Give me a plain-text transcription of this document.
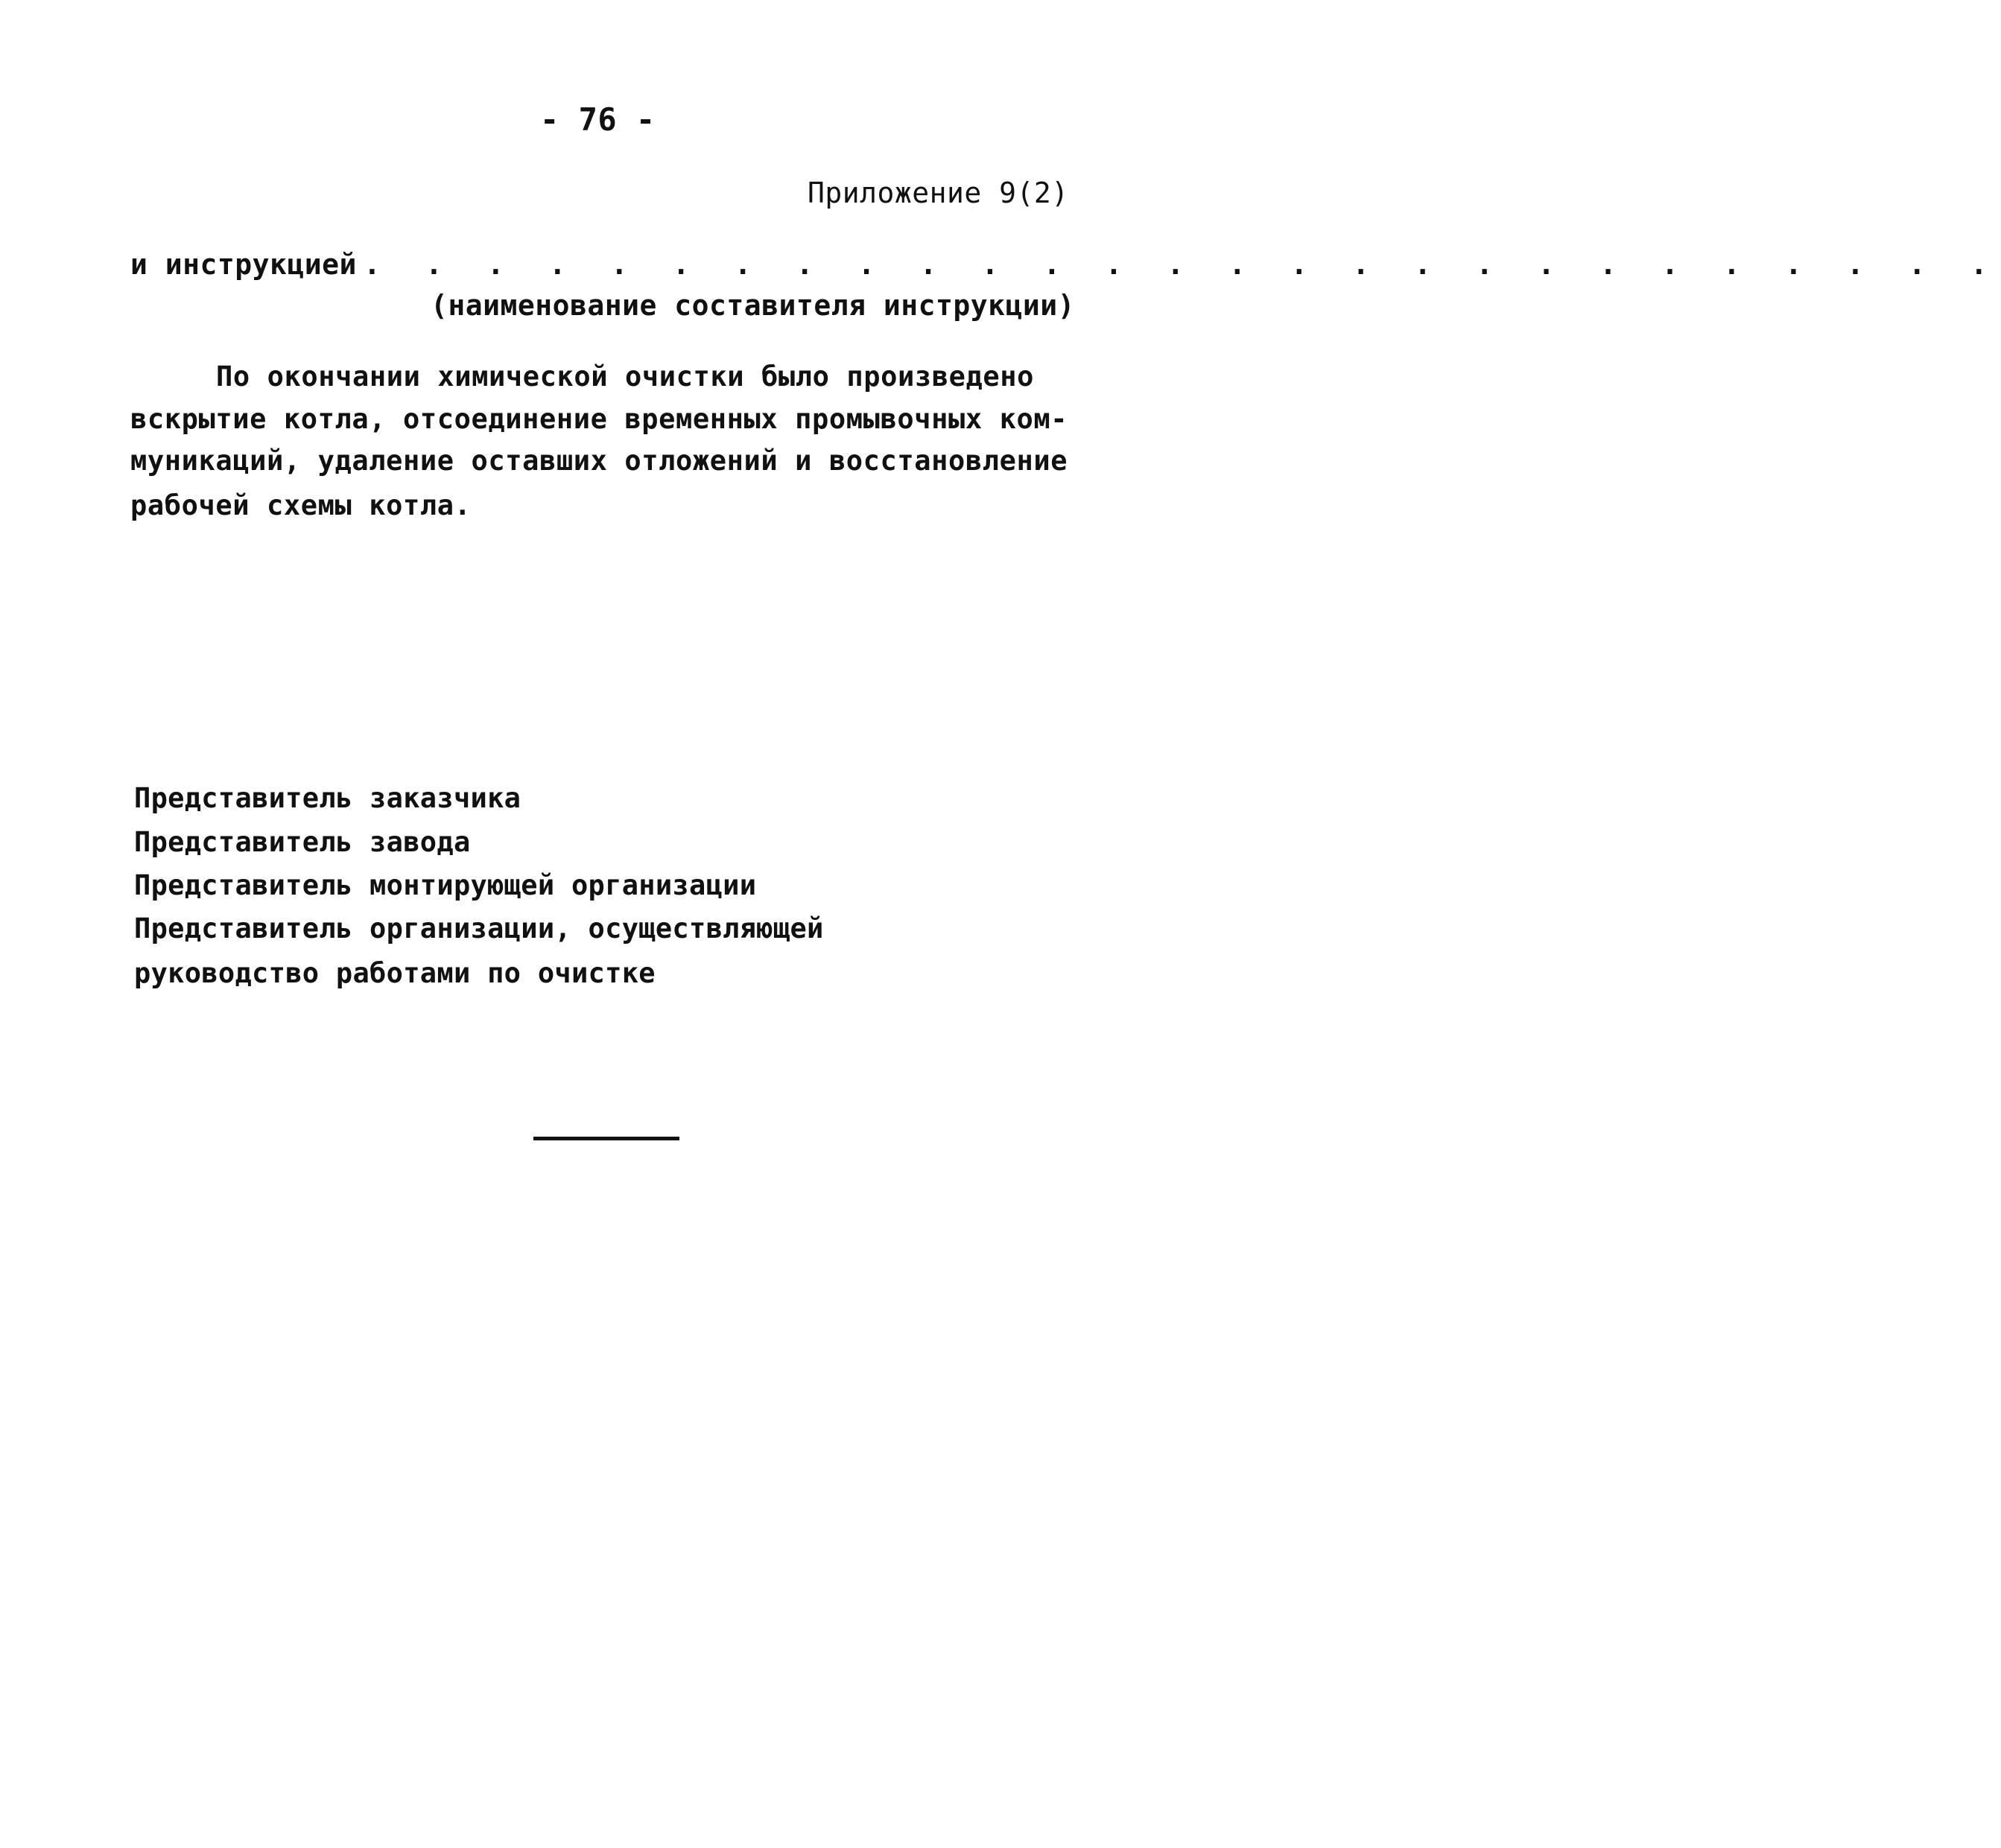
- 76 -
Приложение 9(2)
и инструкцией . . . . . . . . . . . . . . . . . . . . . . . . . . .
(наименование составителя инструкции)
По окончании химической очистки было произведено
вскрытие котла, отсоединение временных промывочных ком-
муникаций, удаление оставших отложений и восстановление
рабочей схемы котла.
Представитель заказчика
Представитель завода
Представитель монтирующей организации
Представитель организации, осуществляющей
руководство работами по очистке
